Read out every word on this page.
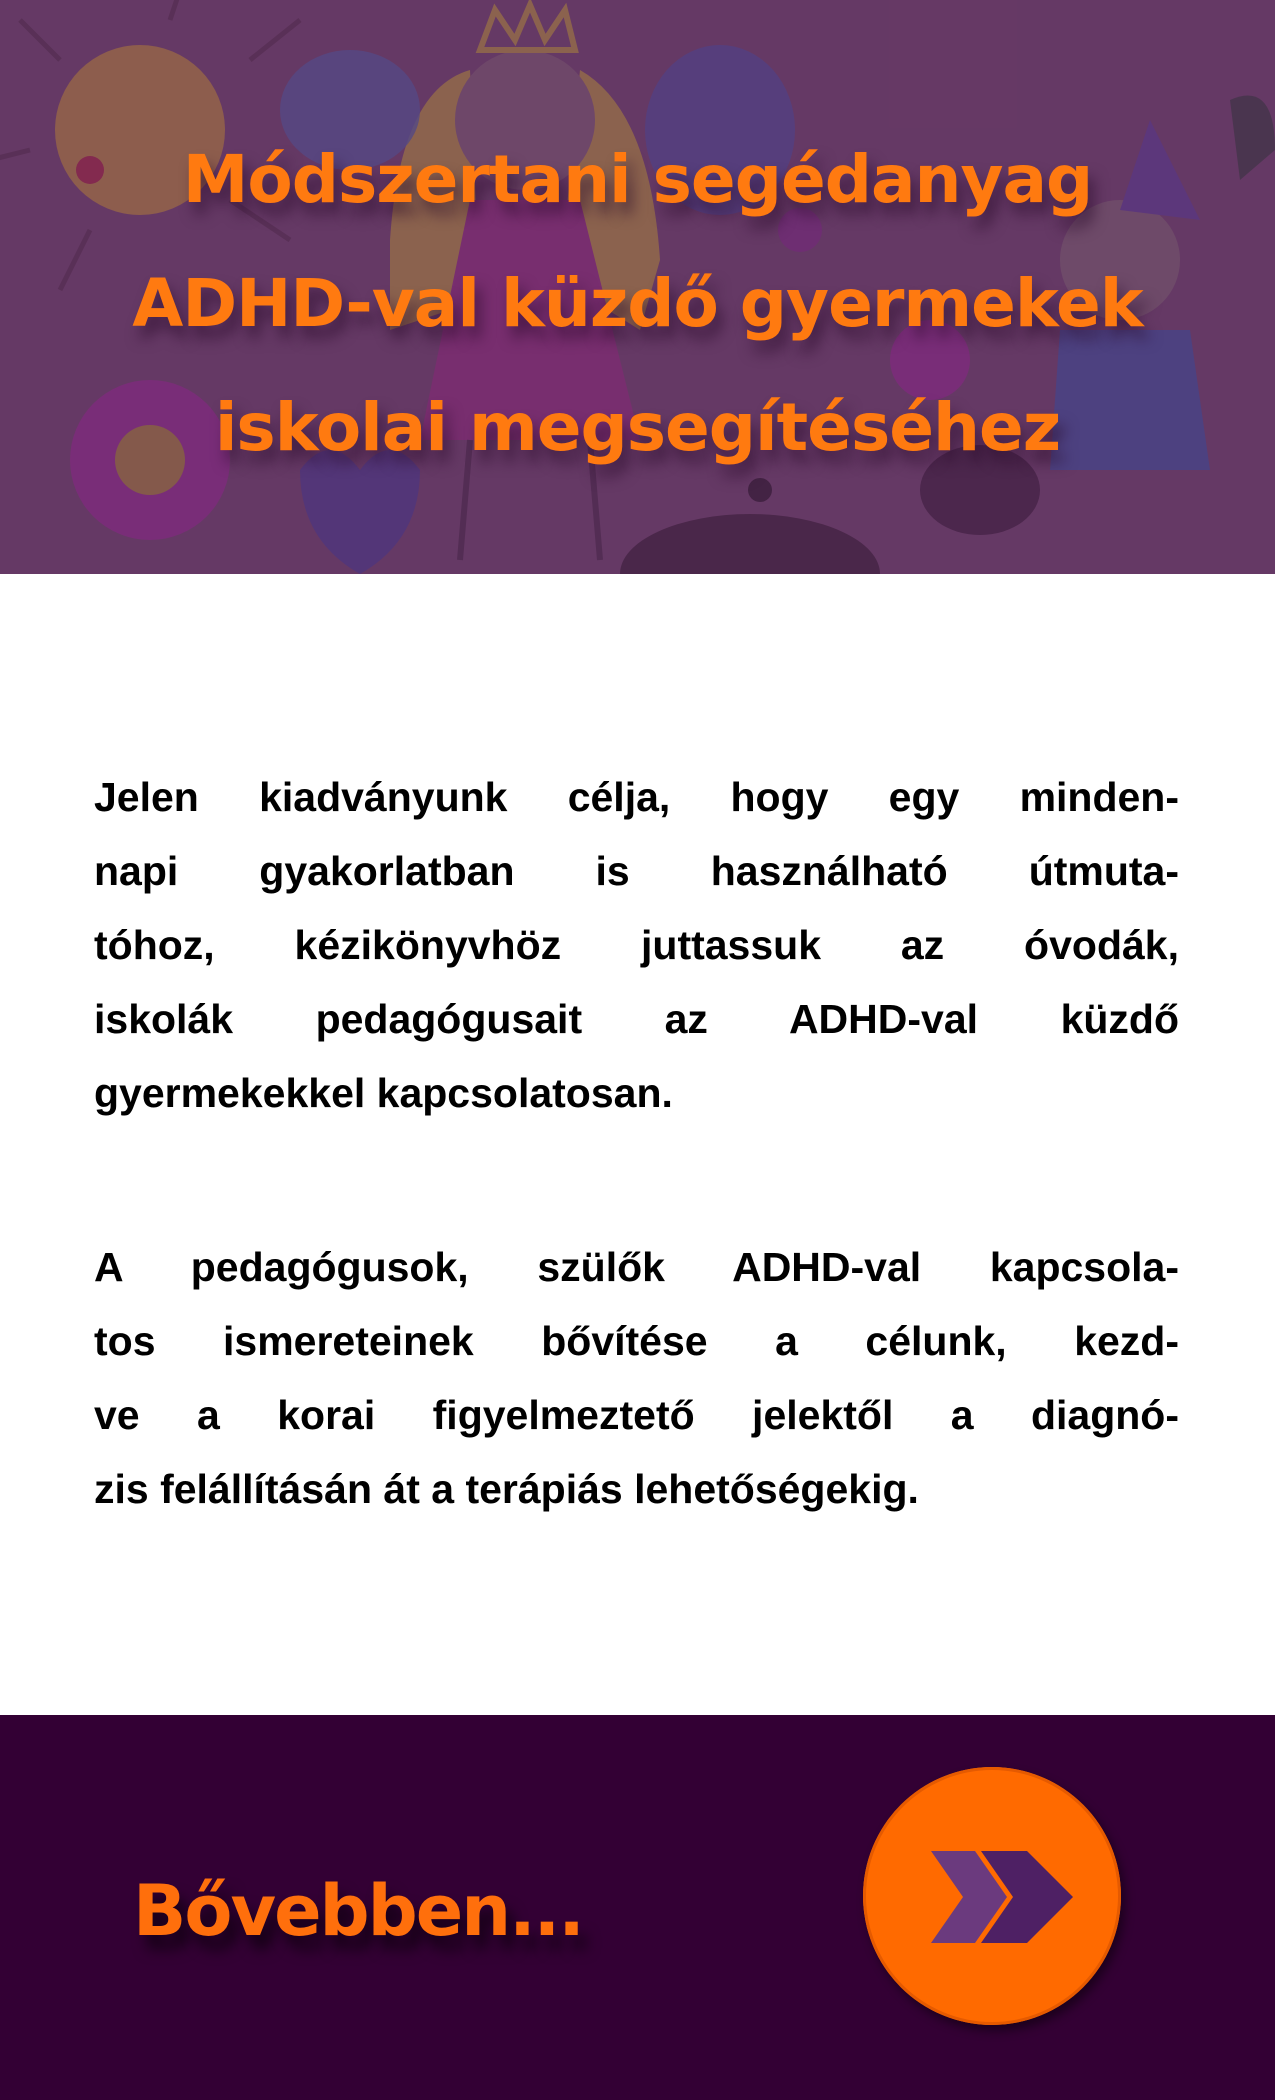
Módszertani segédanyag
ADHD-val küzdő gyermekek
iskolai megsegítéséhez

Jelen kiadványunk célja, hogy egy minden-
napi gyakorlatban is használható útmuta-
tóhoz, kézikönyvhöz juttassuk az óvodák,
iskolák pedagógusait az ADHD-val küzdő
gyermekekkel kapcsolatosan.

A pedagógusok, szülők ADHD-val kapcsola-
tos ismereteinek bővítése a célunk, kezd-
ve a korai figyelmeztető jelektől a diagnó-
zis felállításán át a terápiás lehetőségekig.

Bővebben...
